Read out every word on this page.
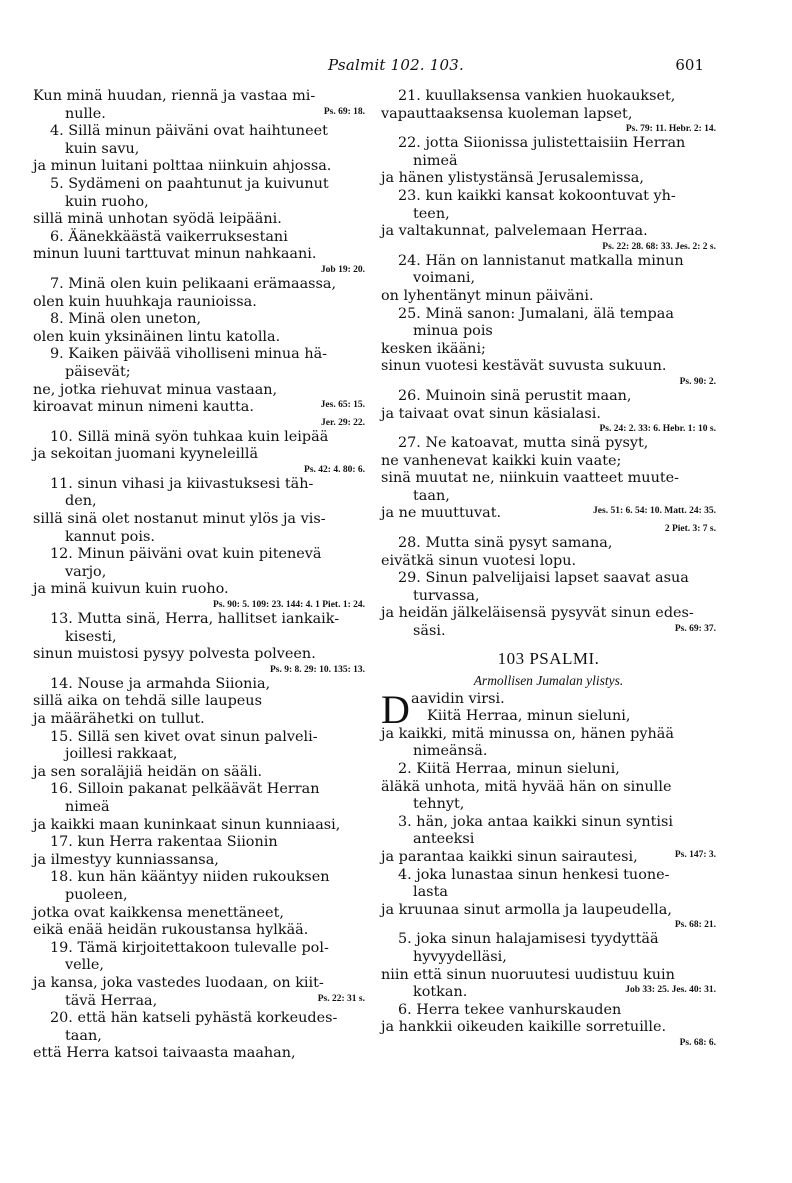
Psalmit 102. 103.	601
Kun minä huudan, riennä ja vastaa mi-
nulle.	Ps. 69: 18.
4. Sillä minun päiväni ovat haihtuneet
kuin savu,
ja minun luitani polttaa niinkuin ahjossa.
5. Sydämeni on paahtunut ja kuivunut
kuin ruoho,
sillä minä unhotan syödä leipääni.
6. Äänekkäästä vaikerruksestani
minun luuni tarttuvat minun nahkaani.
Job 19: 20.
7. Minä olen kuin pelikaani erämaassa,
olen kuin huuhkaja raunioissa.
8. Minä olen uneton,
olen kuin yksinäinen lintu katolla.
9. Kaiken päivää viholliseni minua hä-
päisevät;
ne, jotka riehuvat minua vastaan,
kiroavat minun nimeni kautta.	Jes. 65: 15.
Jer. 29: 22.
10. Sillä minä syön tuhkaa kuin leipää
ja sekoitan juomani kyyneleillä
Ps. 42: 4. 80: 6.
11. sinun vihasi ja kiivastuksesi täh-
den,
sillä sinä olet nostanut minut ylös ja vis-
kannut pois.
12. Minun päiväni ovat kuin pitenevä
varjo,
ja minä kuivun kuin ruoho.
Ps. 90: 5. 109: 23. 144: 4. 1 Piet. 1: 24.
13. Mutta sinä, Herra, hallitset iankaik-
kisesti,
sinun muistosi pysyy polvesta polveen.
Ps. 9: 8. 29: 10. 135: 13.
14. Nouse ja armahda Siionia,
sillä aika on tehdä sille laupeus
ja määrähetki on tullut.
15. Sillä sen kivet ovat sinun palveli-
joillesi rakkaat,
ja sen soraläjiä heidän on sääli.
16. Silloin pakanat pelkäävät Herran
nimeä
ja kaikki maan kuninkaat sinun kunniaasi,
17. kun Herra rakentaa Siionin
ja ilmestyy kunniassansa,
18. kun hän kääntyy niiden rukouksen
puoleen,
jotka ovat kaikkensa menettäneet,
eikä enää heidän rukoustansa hylkää.
19. Tämä kirjoitettakoon tulevalle pol-
velle,
ja kansa, joka vastedes luodaan, on kiit-
tävä Herraa,	Ps. 22: 31 s.
20. että hän katseli pyhästä korkeudes-
taan,
että Herra katsoi taivaasta maahan,
21. kuullaksensa vankien huokaukset,
vapauttaaksensa kuoleman lapset,
Ps. 79: 11. Hebr. 2: 14.
22. jotta Siionissa julistettaisiin Herran
nimeä
ja hänen ylistystänsä Jerusalemissa,
23. kun kaikki kansat kokoontuvat yh-
teen,
ja valtakunnat, palvelemaan Herraa.
Ps. 22: 28. 68: 33. Jes. 2: 2 s.
24. Hän on lannistanut matkalla minun
voimani,
on lyhentänyt minun päiväni.
25. Minä sanon: Jumalani, älä tempaa
minua pois
kesken ikääni;
sinun vuotesi kestävät suvusta sukuun.
Ps. 90: 2.
26. Muinoin sinä perustit maan,
ja taivaat ovat sinun käsialasi.
Ps. 24: 2. 33: 6. Hebr. 1: 10 s.
27. Ne katoavat, mutta sinä pysyt,
ne vanhenevat kaikki kuin vaate;
sinä muutat ne, niinkuin vaatteet muute-
taan,
ja ne muuttuvat.	Jes. 51: 6. 54: 10. Matt. 24: 35.
2 Piet. 3: 7 s.
28. Mutta sinä pysyt samana,
eivätkä sinun vuotesi lopu.
29. Sinun palvelijaisi lapset saavat asua
turvassa,
ja heidän jälkeläisensä pysyvät sinun edes-
säsi.	Ps. 69: 37.
103 PSALMI.
Armollisen Jumalan ylistys.
D aavidin virsi.
Kiitä Herraa, minun sieluni,
ja kaikki, mitä minussa on, hänen pyhää
nimeänsä.
2. Kiitä Herraa, minun sieluni,
äläkä unhota, mitä hyvää hän on sinulle
tehnyt,
3. hän, joka antaa kaikki sinun syntisi
anteeksi
ja parantaa kaikki sinun sairautesi,	Ps. 147: 3.
4. joka lunastaa sinun henkesi tuone-
lasta
ja kruunaa sinut armolla ja laupeudella,
Ps. 68: 21.
5. joka sinun halajamisesi tyydyttää
hyvyydelläsi,
niin että sinun nuoruutesi uudistuu kuin
kotkan.	Job 33: 25. Jes. 40: 31.
6. Herra tekee vanhurskauden
ja hankkii oikeuden kaikille sorretuille.
Ps. 68: 6.
